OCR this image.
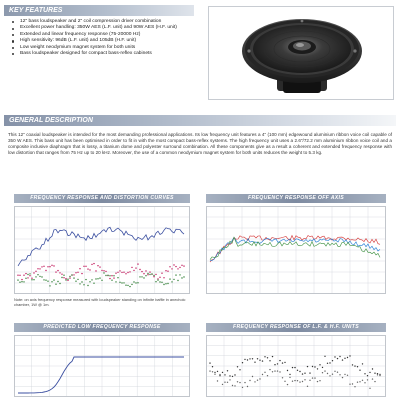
KEY FEATURES
12" bass loudspeaker and 2" coil compression driver combination
Excellent power handling: 350W AES (L.F. unit) and 90W AES (H.F. unit)
Extended and linear frequency response (75-20000 Hz)
High sensitivity: 96dB (L.F. unit) and 105dB (H.F. unit)
Low weight neodymium magnet system for both units
Bass loudspeaker designed for compact bass-reflex cabinets
GENERAL DESCRIPTION
This 12" coaxial loudspeaker is intended for the most demanding professional applications. Its low frequency unit features a 4" (100 mm) edgewound aluminium ribbon voice coil capable of 350 W AES. This bass unit has been optimised in order to fit in with the most compact bass-reflex systems. The high frequency unit uses a 2.6"/72.2 mm aluminium ribbon voice coil and a composite inclusive diaphragm that is lossy, a titanium dome and polyester surround combination. All these components give as a result a coherent and extended frequency response with low distortion that ranges from 75 Hz up to 20 kHz. Moreover, the use of a common neodymium magnet system for both units reduces the weight to 5.3 kg.
FREQUENCY RESPONSE AND DISTORTION CURVES	FREQUENCY RESPONSE OFF AXIS
PREDICTED LOW FREQUENCY RESPONSE	FREQUENCY RESPONSE OF L.F. & H.F. UNITS
Note: on axis frequency response measured with loudspeaker standing on infinite baffle in anechoic chamber, 1W @ 1m.
